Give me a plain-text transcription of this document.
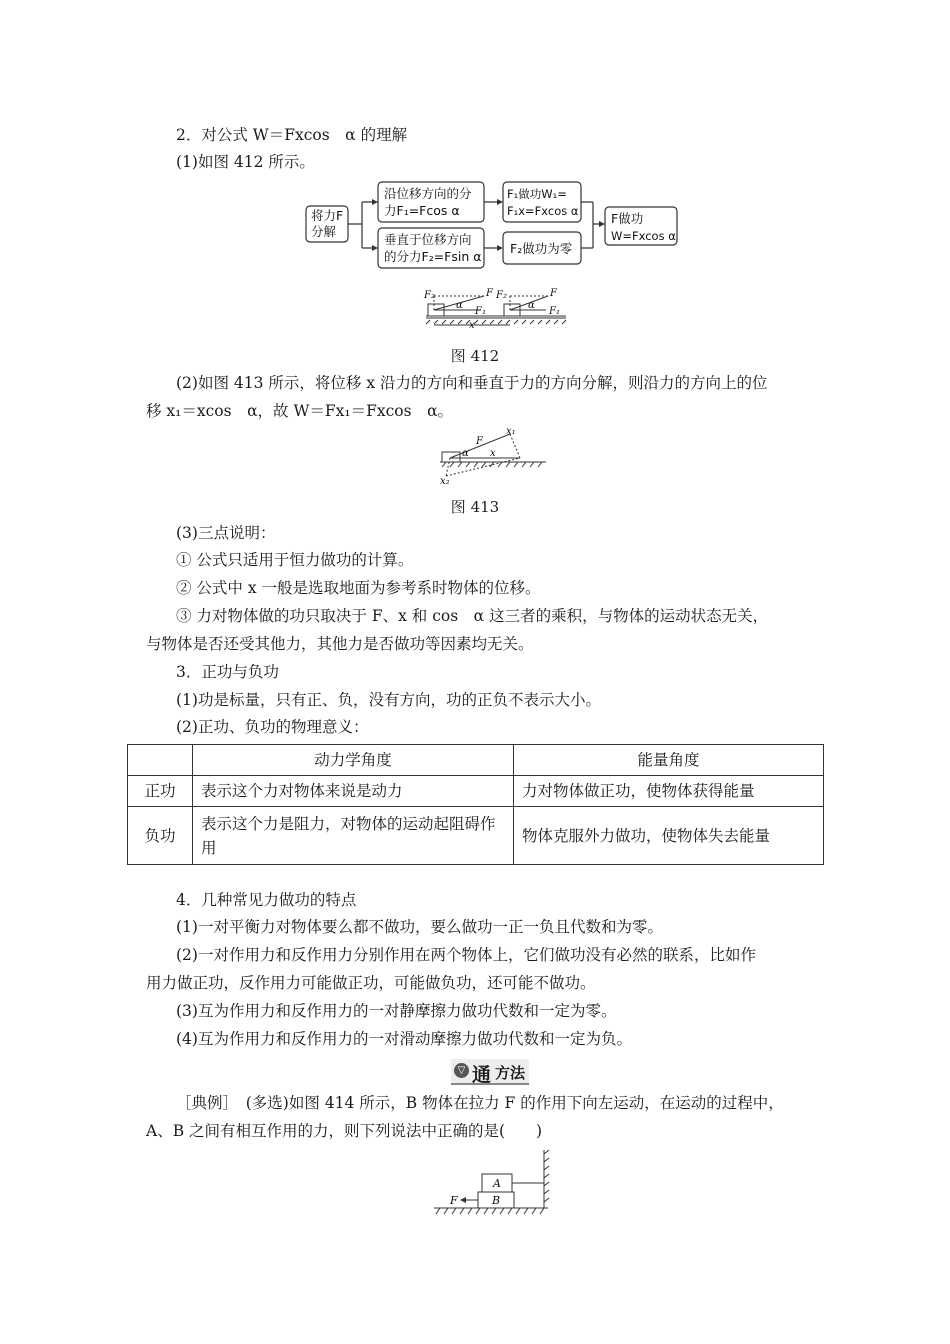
2．对公式 W＝Fxcos　α 的理解
(1)如图 412 所示。
将力F
分解
沿位移方向的分
力F₁=Fcos α
垂直于位移方向
的分力F₂=Fsin α
F₁做功W₁=
F₁x=Fxcos α
F₂做功为零
F做功
W=Fxcos α
F₂	F
F₁
α
F₂	F
F₁
α
x
图 412
(2)如图 413 所示，将位移 x 沿力的方向和垂直于力的方向分解，则沿力的方向上的位
移 x₁＝xcos　α，故 W＝Fx₁＝Fxcos　α。
x₁
F
α x
x₂
图 413
(3)三点说明：
① 公式只适用于恒力做功的计算。
② 公式中 x 一般是选取地面为参考系时物体的位移。
③ 力对物体做的功只取决于 F、x 和 cos　α 这三者的乘积，与物体的运动状态无关，
与物体是否还受其他力，其他力是否做功等因素均无关。
3．正功与负功
(1)功是标量，只有正、负，没有方向，功的正负不表示大小。
(2)正功、负功的物理意义：
	动力学角度	能量角度
正功	表示这个力对物体来说是动力	力对物体做正功，使物体获得能量
负功	表示这个力是阻力，对物体的运动起阻碍作用	物体克服外力做功，使物体失去能量
4．几种常见力做功的特点
(1)一对平衡力对物体要么都不做功，要么做功一正一负且代数和为零。
(2)一对作用力和反作用力分别作用在两个物体上，它们做功没有必然的联系，比如作
用力做正功，反作用力可能做正功，可能做负功，还可能不做功。
(3)互为作用力和反作用力的一对静摩擦力做功代数和一定为零。
(4)互为作用力和反作用力的一对滑动摩擦力做功代数和一定为负。
▽ 通 方法
［典例］　(多选)如图 414 所示，B 物体在拉力 F 的作用下向左运动，在运动的过程中，
A、B 之间有相互作用的力，则下列说法中正确的是(　　)
A
B
F
